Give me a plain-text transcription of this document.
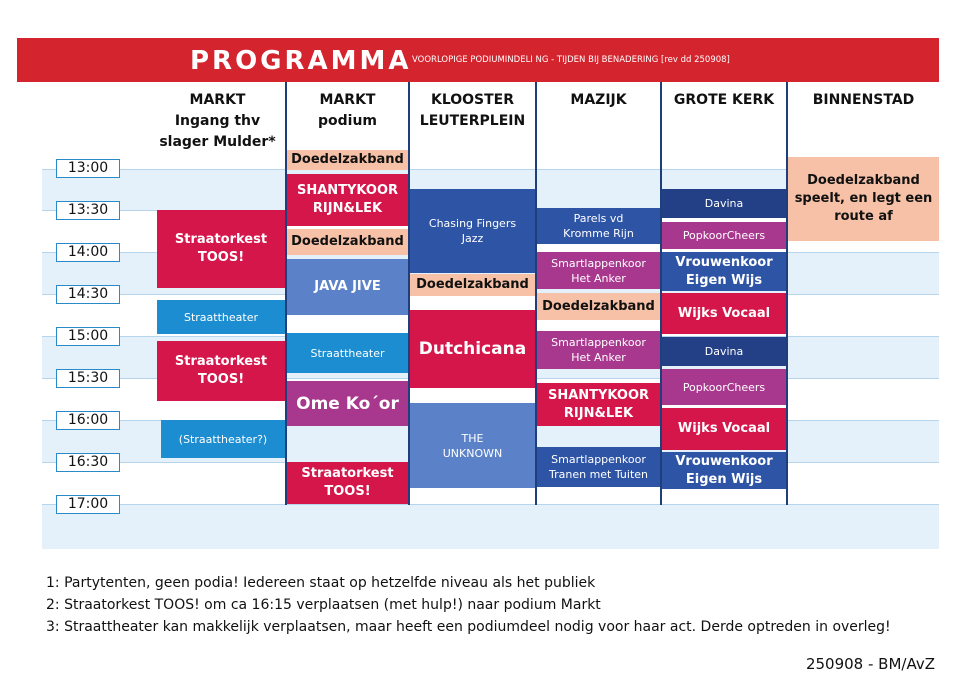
PROGRAMMA VOORLOPIGE PODIUMINDELI NG - TIJDEN BIJ BENADERING [rev dd 250908]
MARKT
Ingang thv
slager Mulder*
MARKT
podium
KLOOSTER
LEUTERPLEIN
MAZIJK	GROTE KERK	BINNENSTAD
13:00
13:30
14:00
14:30
15:00
15:30
16:00
16:30
17:00
Straatorkest
TOOS!
Straattheater
Straatorkest
TOOS!
(Straattheater?)
Doedelzakband
SHANTYKOOR
RIJN&LEK
Doedelzakband
JAVA JIVE
Straattheater
Ome Ko´or
Straatorkest
TOOS!
Chasing Fingers
Jazz
Doedelzakband
Dutchicana
THE
UNKNOWN
Parels vd
Kromme Rijn
Smartlappenkoor
Het Anker
Doedelzakband
Smartlappenkoor
Het Anker
SHANTYKOOR
RIJN&LEK
Smartlappenkoor
Tranen met Tuiten
Davina
PopkoorCheers
Vrouwenkoor
Eigen Wijs
Wijks Vocaal
Davina
PopkoorCheers
Wijks Vocaal
Vrouwenkoor
Eigen Wijs
Doedelzakband
speelt, en legt een
route af
1: Partytenten, geen podia! Iedereen staat op hetzelfde niveau als het publiek
2: Straatorkest TOOS! om ca 16:15 verplaatsen (met hulp!) naar podium Markt
3: Straattheater kan makkelijk verplaatsen, maar heeft een podiumdeel nodig voor haar act. Derde optreden in overleg!
250908 - BM/AvZ
